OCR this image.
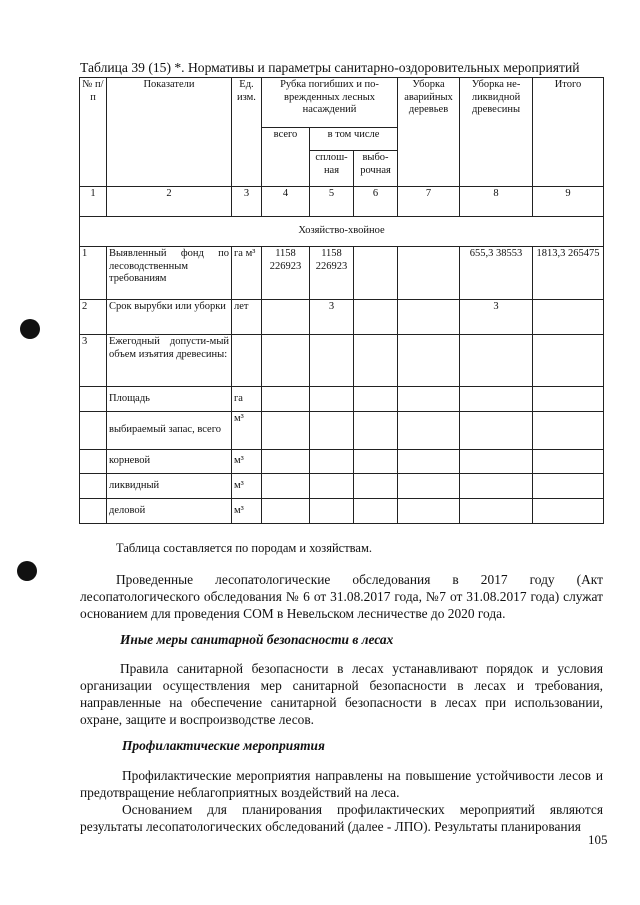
Таблица 39 (15) *. Нормативы и параметры санитарно-оздоровительных мероприятий
№ п/п	Показатели	Ед. изм.	Рубка погибших и по-врежденных лесных насаждений			Уборка аварийных деревьев	Уборка не-ликвидной древесины	Итого
			всего	в том числе				
				сплош-ная	выбо-рочная			
1	2	3	4	5	6	7	8	9
Хозяйство-хвойное								
1	Выявленный фонд по лесоводственным требованиям	га м³	1158 226923	1158 226923			655,3 38553	1813,3 265475
2	Срок вырубки или уборки	лет		3			3	
3	Ежегодный допусти-мый объем изъятия древесины:							
	Площадь	га						
	выбираемый запас, всего	м³						
	корневой	м³						
	ликвидный	м³						
	деловой	м³						
Таблица составляется по породам и хозяйствам.

Проведенные лесопатологические обследования в 2017 году (Акт лесопатологического обследования № 6 от 31.08.2017 года, №7 от 31.08.2017 года) служат основанием для проведения СОМ в Невельском лесничестве до 2020 года.

Иные меры санитарной безопасности в лесах

Правила санитарной безопасности в лесах устанавливают порядок и условия организации осуществления мер санитарной безопасности в лесах и требования, направленные на обеспечение санитарной безопасности в лесах при использовании, охране, защите и воспроизводстве лесов.

Профилактические мероприятия

Профилактические мероприятия направлены на повышение устойчивости лесов и предотвращение неблагоприятных воздействий на леса.

Основанием для планирования профилактических мероприятий являются результаты лесопатологических обследований (далее - ЛПО). Результаты планирования

105
